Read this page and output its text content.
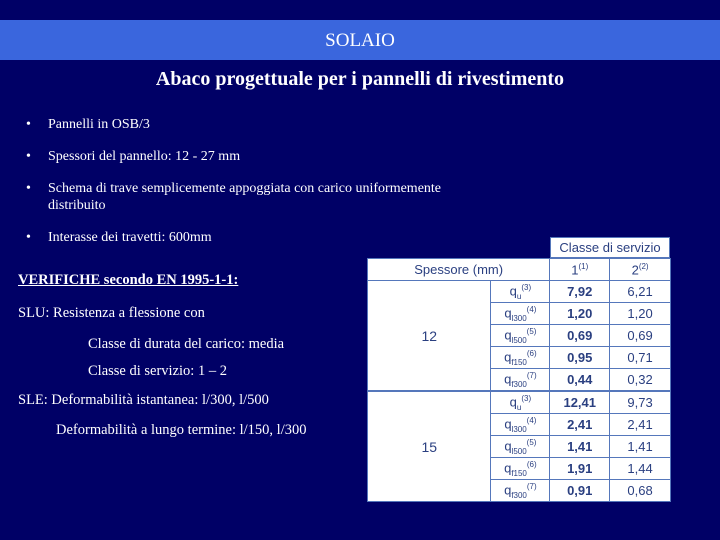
SOLAIO
Abaco progettuale per i pannelli di rivestimento
• Pannelli in OSB/3
• Spessori del pannello: 12 - 27 mm
• Schema di trave semplicemente appoggiata con carico uniformemente distribuito
• Interasse dei travetti: 600mm
VERIFICHE secondo EN 1995-1-1:
SLU: Resistenza a flessione con
Classe di durata del carico: media
Classe di servizio: 1 – 2
SLE: Deformabilità istantanea: l/300, l/500
Deformabilità a lungo termine: l/150, l/300
Classe di servizio
Spessore (mm)		1$^{(1)}$	2$^{(2)}$
12	$q_u^{(3)}$	7,92	6,21
	$q_{l300}^{(4)}$	1,20	1,20
	$q_{l500}^{(5)}$	0,69	0,69
	$q_{f150}^{(6)}$	0,95	0,71
	$q_{f300}^{(7)}$	0,44	0,32
15	$q_u^{(3)}$	12,41	9,73
	$q_{l300}^{(4)}$	2,41	2,41
	$q_{l500}^{(5)}$	1,41	1,41
	$q_{f150}^{(6)}$	1,91	1,44
	$q_{f300}^{(7)}$	0,91	0,68
